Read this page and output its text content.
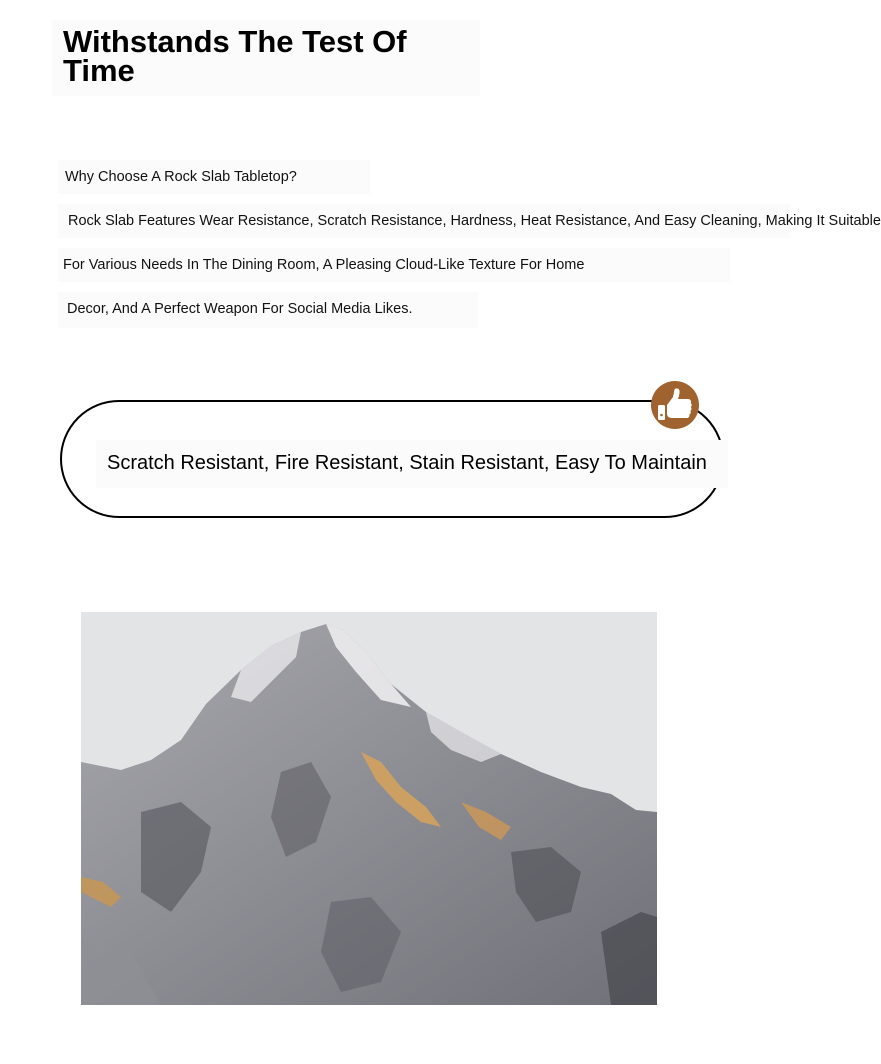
Withstands The Test Of Time

Why Choose A Rock Slab Tabletop?

Rock Slab Features Wear Resistance, Scratch Resistance, Hardness, Heat Resistance, And Easy Cleaning, Making It Suitable

For Various Needs In The Dining Room, A Pleasing Cloud-Like Texture For Home

Decor, And A Perfect Weapon For Social Media Likes.

Scratch Resistant, Fire Resistant, Stain Resistant, Easy To Maintain
